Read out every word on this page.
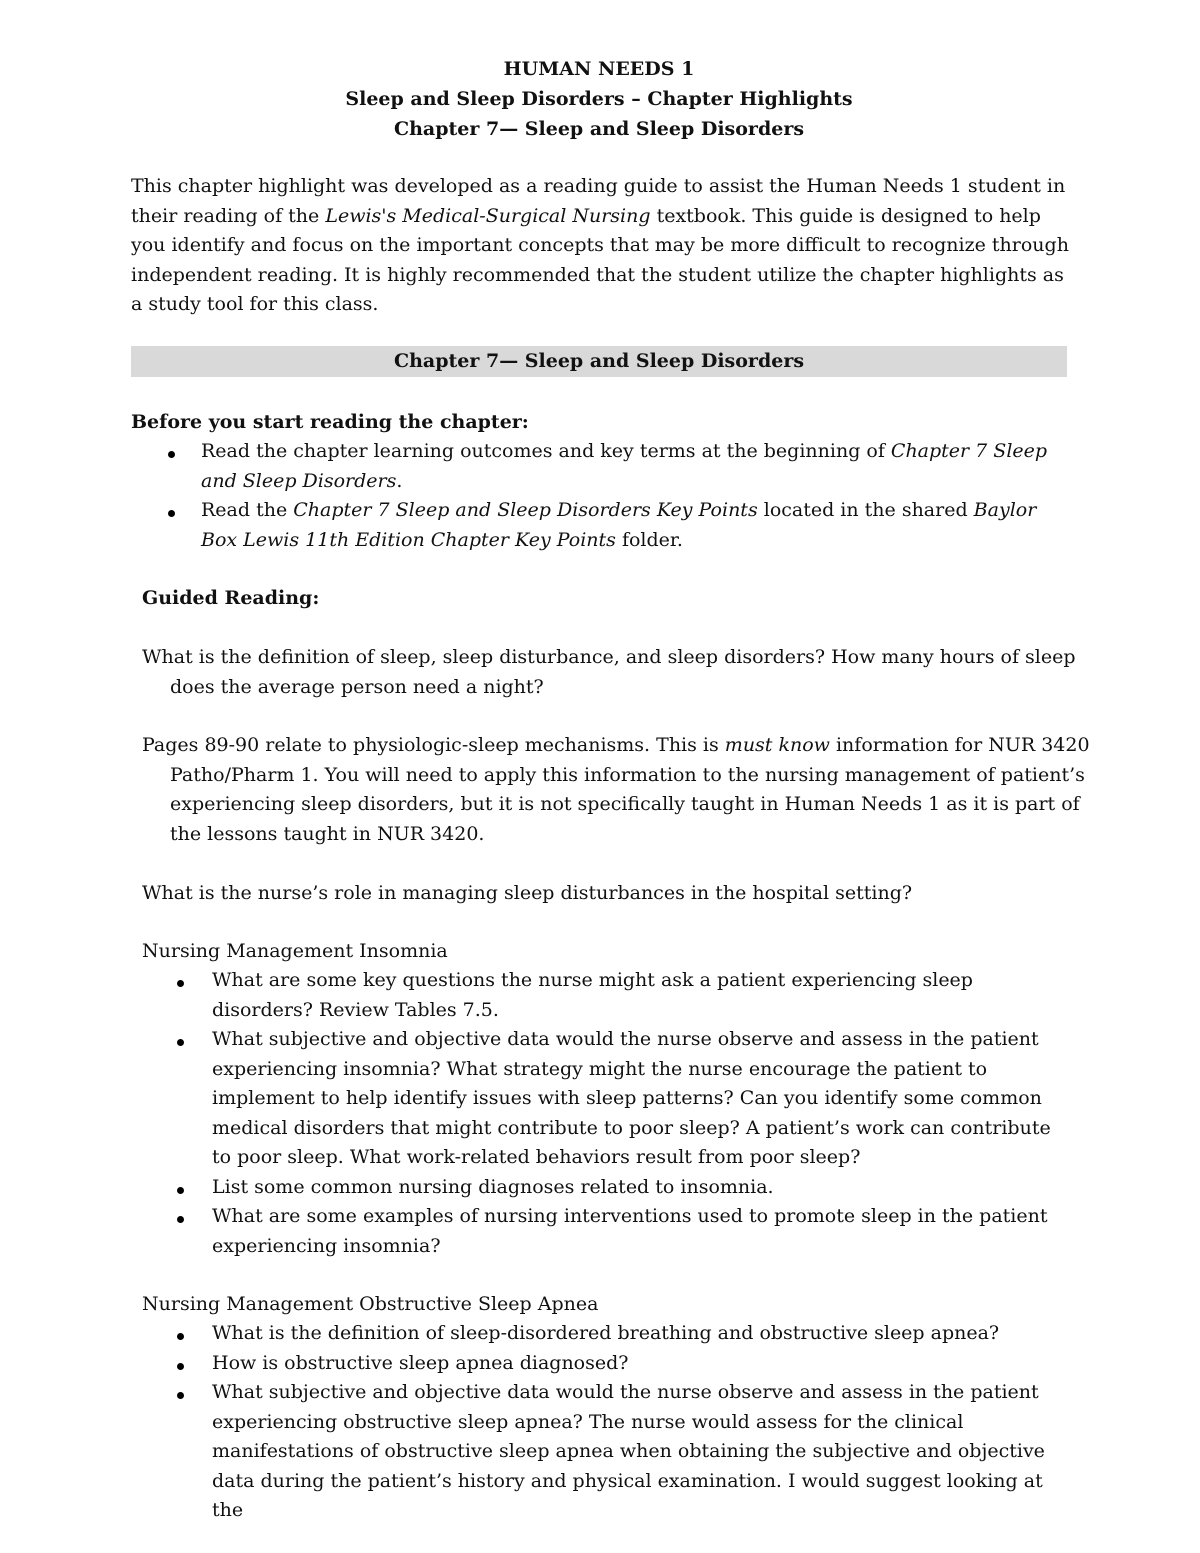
HUMAN NEEDS 1
Sleep and Sleep Disorders – Chapter Highlights
Chapter 7— Sleep and Sleep Disorders
This chapter highlight was developed as a reading guide to assist the Human Needs 1 student in their reading of the Lewis's Medical-Surgical Nursing textbook. This guide is designed to help you identify and focus on the important concepts that may be more difficult to recognize through independent reading. It is highly recommended that the student utilize the chapter highlights as a study tool for this class.
Chapter 7— Sleep and Sleep Disorders
Before you start reading the chapter:
Read the chapter learning outcomes and key terms at the beginning of Chapter 7 Sleep and Sleep Disorders.
Read the Chapter 7 Sleep and Sleep Disorders Key Points located in the shared Baylor Box Lewis 11th Edition Chapter Key Points folder.
Guided Reading:
What is the definition of sleep, sleep disturbance, and sleep disorders? How many hours of sleep does the average person need a night?
Pages 89-90 relate to physiologic-sleep mechanisms. This is must know information for NUR 3420 Patho/Pharm 1. You will need to apply this information to the nursing management of patient’s experiencing sleep disorders, but it is not specifically taught in Human Needs 1 as it is part of the lessons taught in NUR 3420.
What is the nurse’s role in managing sleep disturbances in the hospital setting?
Nursing Management Insomnia
What are some key questions the nurse might ask a patient experiencing sleep disorders? Review Tables 7.5.
What subjective and objective data would the nurse observe and assess in the patient experiencing insomnia? What strategy might the nurse encourage the patient to implement to help identify issues with sleep patterns? Can you identify some common medical disorders that might contribute to poor sleep? A patient’s work can contribute to poor sleep. What work-related behaviors result from poor sleep?
List some common nursing diagnoses related to insomnia.
What are some examples of nursing interventions used to promote sleep in the patient experiencing insomnia?
Nursing Management Obstructive Sleep Apnea
What is the definition of sleep-disordered breathing and obstructive sleep apnea?
How is obstructive sleep apnea diagnosed?
What subjective and objective data would the nurse observe and assess in the patient experiencing obstructive sleep apnea? The nurse would assess for the clinical manifestations of obstructive sleep apnea when obtaining the subjective and objective data during the patient’s history and physical examination. I would suggest looking at the
